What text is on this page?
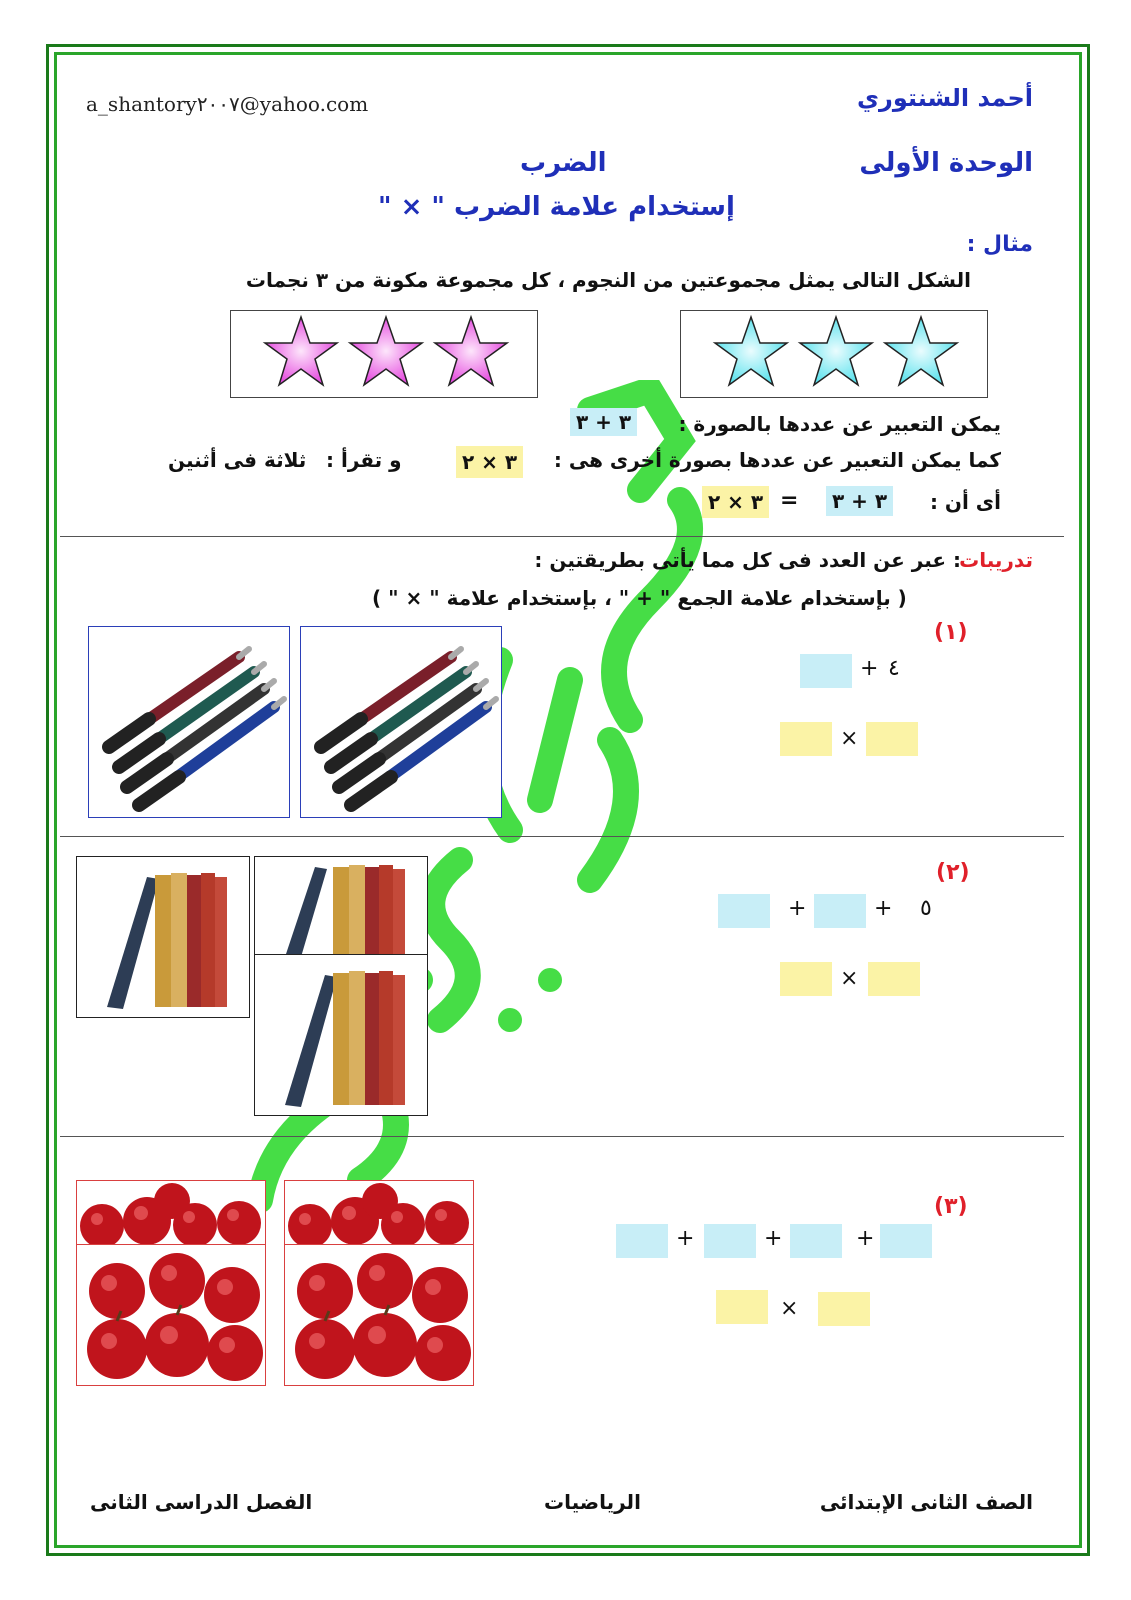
أحمد الشنتوري
a_shantory٢٠٠٧@yahoo.com
الوحدة الأولى
الضرب
إستخدام علامة الضرب " × "
مثال :
الشكل التالى يمثل مجموعتين من النجوم ، كل مجموعة مكونة من ٣ نجمات
يمكن التعبير عن عددها بالصورة :
٣ + ٣
كما يمكن التعبير عن عددها بصورة أخرى هى :
٣ × ٢
و تقرأ :
ثلاثة فى أثنين
أى أن :
٣ + ٣
=
٣ × ٢
تدريبات
: عبر عن العدد فى كل مما يأتى بطريقتين :
( بإستخدام علامة الجمع " + " ، بإستخدام علامة " × " )
(١)
+ ٤
×
(٢)
+	+ ٥
×
(٣)
+	+	+
×
الصف الثانى الإبتدائى
الرياضيات
الفصل الدراسى الثانى
